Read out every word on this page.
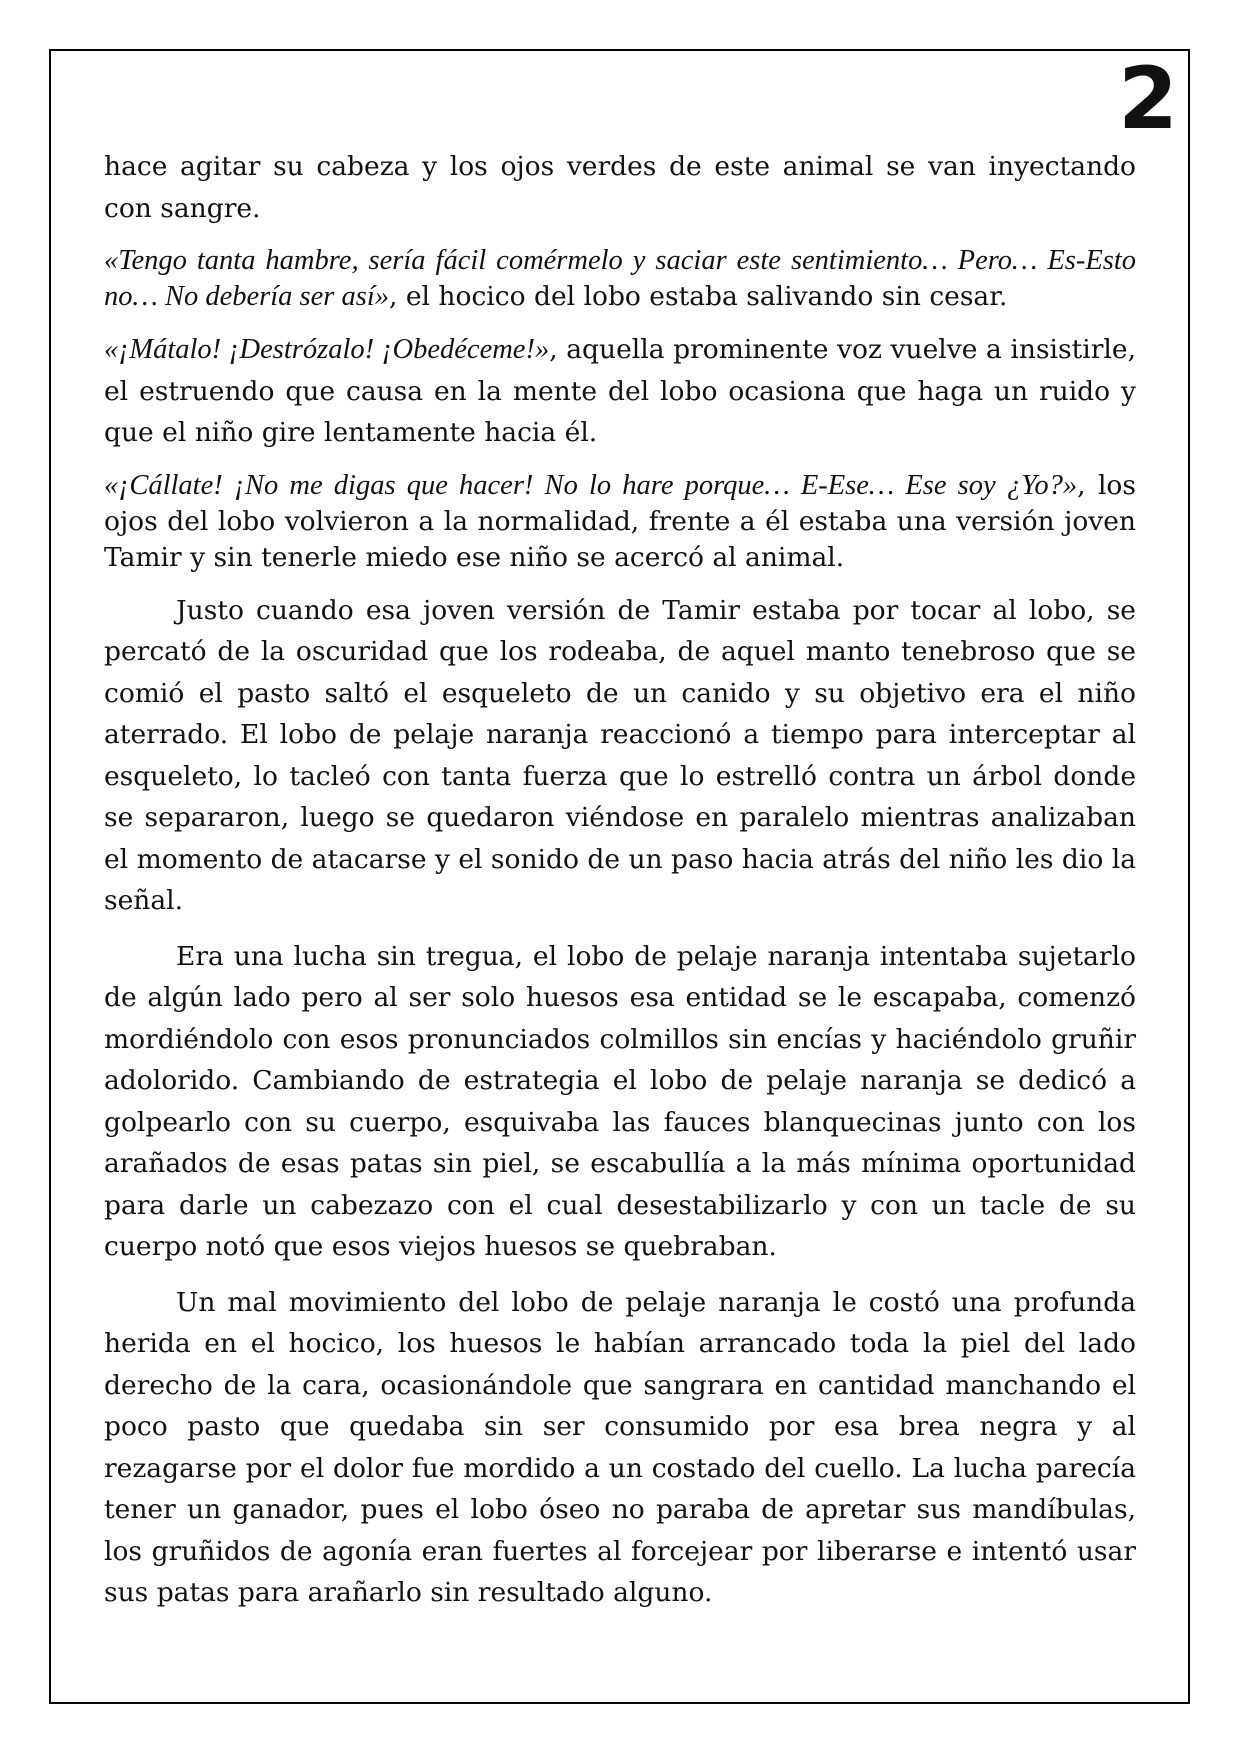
2

hace agitar su cabeza y los ojos verdes de este animal se van inyectando con sangre.

«Tengo tanta hambre, sería fácil comérmelo y saciar este sentimiento… Pero… Es-Esto no… No debería ser así», el hocico del lobo estaba salivando sin cesar.

«¡Mátalo! ¡Destrózalo! ¡Obedéceme!», aquella prominente voz vuelve a insistirle, el estruendo que causa en la mente del lobo ocasiona que haga un ruido y que el niño gire lentamente hacia él.

«¡Cállate! ¡No me digas que hacer! No lo hare porque… E-Ese… Ese soy ¿Yo?», los ojos del lobo volvieron a la normalidad, frente a él estaba una versión joven Tamir y sin tenerle miedo ese niño se acercó al animal.

Justo cuando esa joven versión de Tamir estaba por tocar al lobo, se percató de la oscuridad que los rodeaba, de aquel manto tenebroso que se comió el pasto saltó el esqueleto de un canido y su objetivo era el niño aterrado. El lobo de pelaje naranja reaccionó a tiempo para interceptar al esqueleto, lo tacleó con tanta fuerza que lo estrelló contra un árbol donde se separaron, luego se quedaron viéndose en paralelo mientras analizaban el momento de atacarse y el sonido de un paso hacia atrás del niño les dio la señal.

Era una lucha sin tregua, el lobo de pelaje naranja intentaba sujetarlo de algún lado pero al ser solo huesos esa entidad se le escapaba, comenzó mordiéndolo con esos pronunciados colmillos sin encías y haciéndolo gruñir adolorido. Cambiando de estrategia el lobo de pelaje naranja se dedicó a golpearlo con su cuerpo, esquivaba las fauces blanquecinas junto con los arañados de esas patas sin piel, se escabullía a la más mínima oportunidad para darle un cabezazo con el cual desestabilizarlo y con un tacle de su cuerpo notó que esos viejos huesos se quebraban.

Un mal movimiento del lobo de pelaje naranja le costó una profunda herida en el hocico, los huesos le habían arrancado toda la piel del lado derecho de la cara, ocasionándole que sangrara en cantidad manchando el poco pasto que quedaba sin ser consumido por esa brea negra y al rezagarse por el dolor fue mordido a un costado del cuello. La lucha parecía tener un ganador, pues el lobo óseo no paraba de apretar sus mandíbulas, los gruñidos de agonía eran fuertes al forcejear por liberarse e intentó usar sus patas para arañarlo sin resultado alguno.
